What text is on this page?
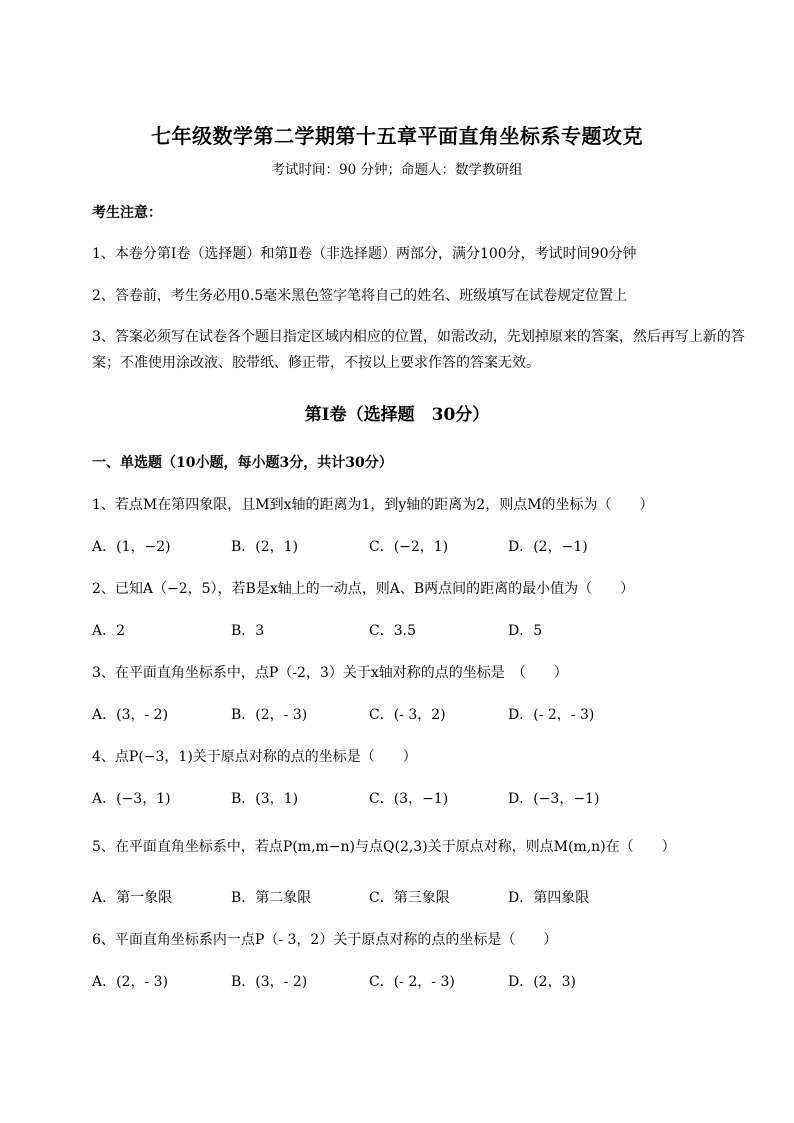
七年级数学第二学期第十五章平面直角坐标系专题攻克
考试时间：90 分钟；命题人：数学教研组
考生注意：
1、本卷分第Ⅰ卷（选择题）和第Ⅱ卷（非选择题）两部分，满分100分，考试时间90分钟
2、答卷前，考生务必用0.5毫米黑色签字笔将自己的姓名、班级填写在试卷规定位置上
3、答案必须写在试卷各个题目指定区域内相应的位置，如需改动，先划掉原来的答案，然后再写上新的答案；不准使用涂改液、胶带纸、修正带，不按以上要求作答的答案无效。
第Ⅰ卷（选择题　30分）
一、单选题（10小题，每小题3分，共计30分）
1、若点M在第四象限，且M到x轴的距离为1，到y轴的距离为2，则点M的坐标为（　　）
A．(1，−2)	B．(2，1)	C．(−2，1)	D．(2，−1)
2、已知A（−2，5），若B是x轴上的一动点，则A、B两点间的距离的最小值为（　　）
A．2	B．3	C．3.5	D．5
3、在平面直角坐标系中，点P（-2，3）关于x轴对称的点的坐标是　（　　）
A．(3，- 2)	B．(2，- 3)	C．(- 3，2)	D．(- 2，- 3)
4、点P(−3，1)关于原点对称的点的坐标是（　　）
A．(−3，1)	B．(3，1)	C．(3，−1)	D．(−3，−1)
5、在平面直角坐标系中，若点P(m,m−n)与点Q(2,3)关于原点对称，则点M(m,n)在（　　）
A．第一象限	B．第二象限	C．第三象限	D．第四象限
6、平面直角坐标系内一点P（- 3，2）关于原点对称的点的坐标是（　　）
A．(2，- 3)	B．(3，- 2)	C．(- 2，- 3)	D．(2，3)
